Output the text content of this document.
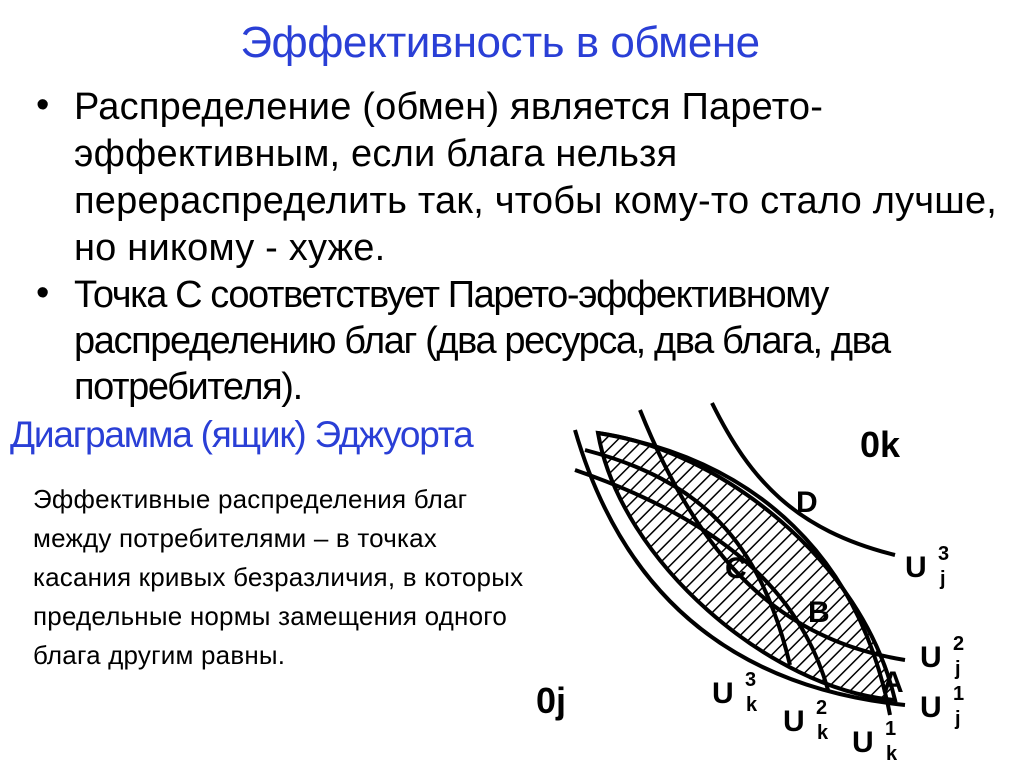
Эффективность в обмене
• Распределение (обмен) является Парето-эффективным, если блага нельзя перераспределить так, чтобы кому-то стало лучше, но никому - хуже.
• Точка С соответствует Парето-эффективному распределению благ (два ресурса, два блага, два потребителя).
Диаграмма (ящик) Эджуорта
Эффективные распределения благ между потребителями – в точках касания кривых безразличия, в которых предельные нормы замещения одного блага другим равны.
0k
0j
D
C
B
A
U 3
j
U 2
j
U 1
j
U 3
k U 2
k U 1
k
